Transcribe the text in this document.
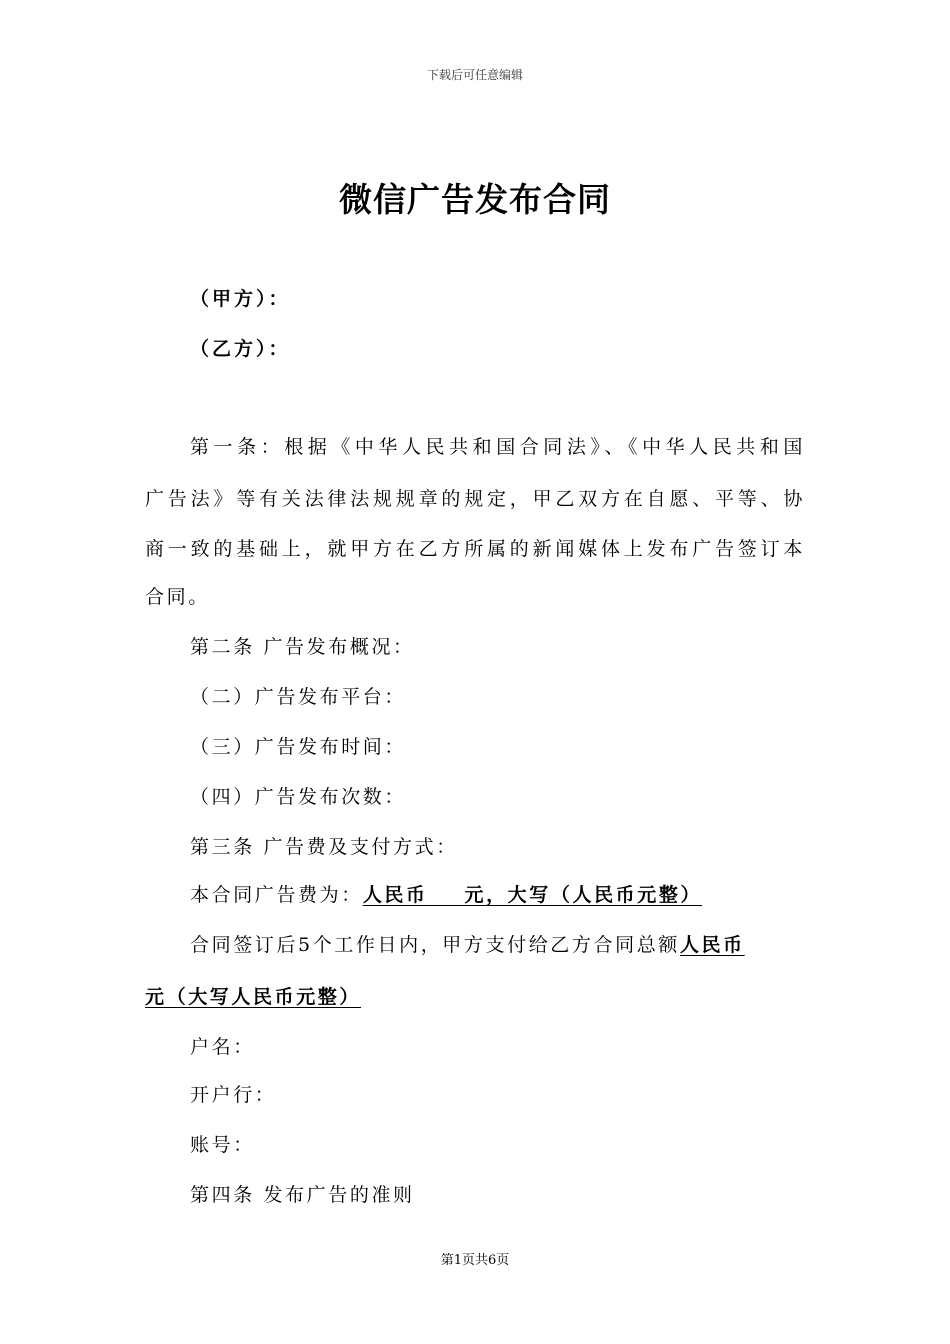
下载后可任意编辑
微信广告发布合同
（甲方）：
（乙方）：
第一条：根据《中华人民共和国合同法》、《中华人民共和国
广告法》等有关法律法规规章的规定，甲乙双方在自愿、平等、协
商一致的基础上，就甲方在乙方所属的新闻媒体上发布广告签订本
合同。
第二条 广告发布概况：
（二）广告发布平台：
（三）广告发布时间：
（四）广告发布次数：
第三条 广告费及支付方式：
本合同广告费为：人民币    元，大写（人民币元整）
合同签订后5个工作日内，甲方支付给乙方合同总额人民币
元（大写人民币元整）
户名：
开户行：
账号：
第四条 发布广告的准则
第1页共6页
